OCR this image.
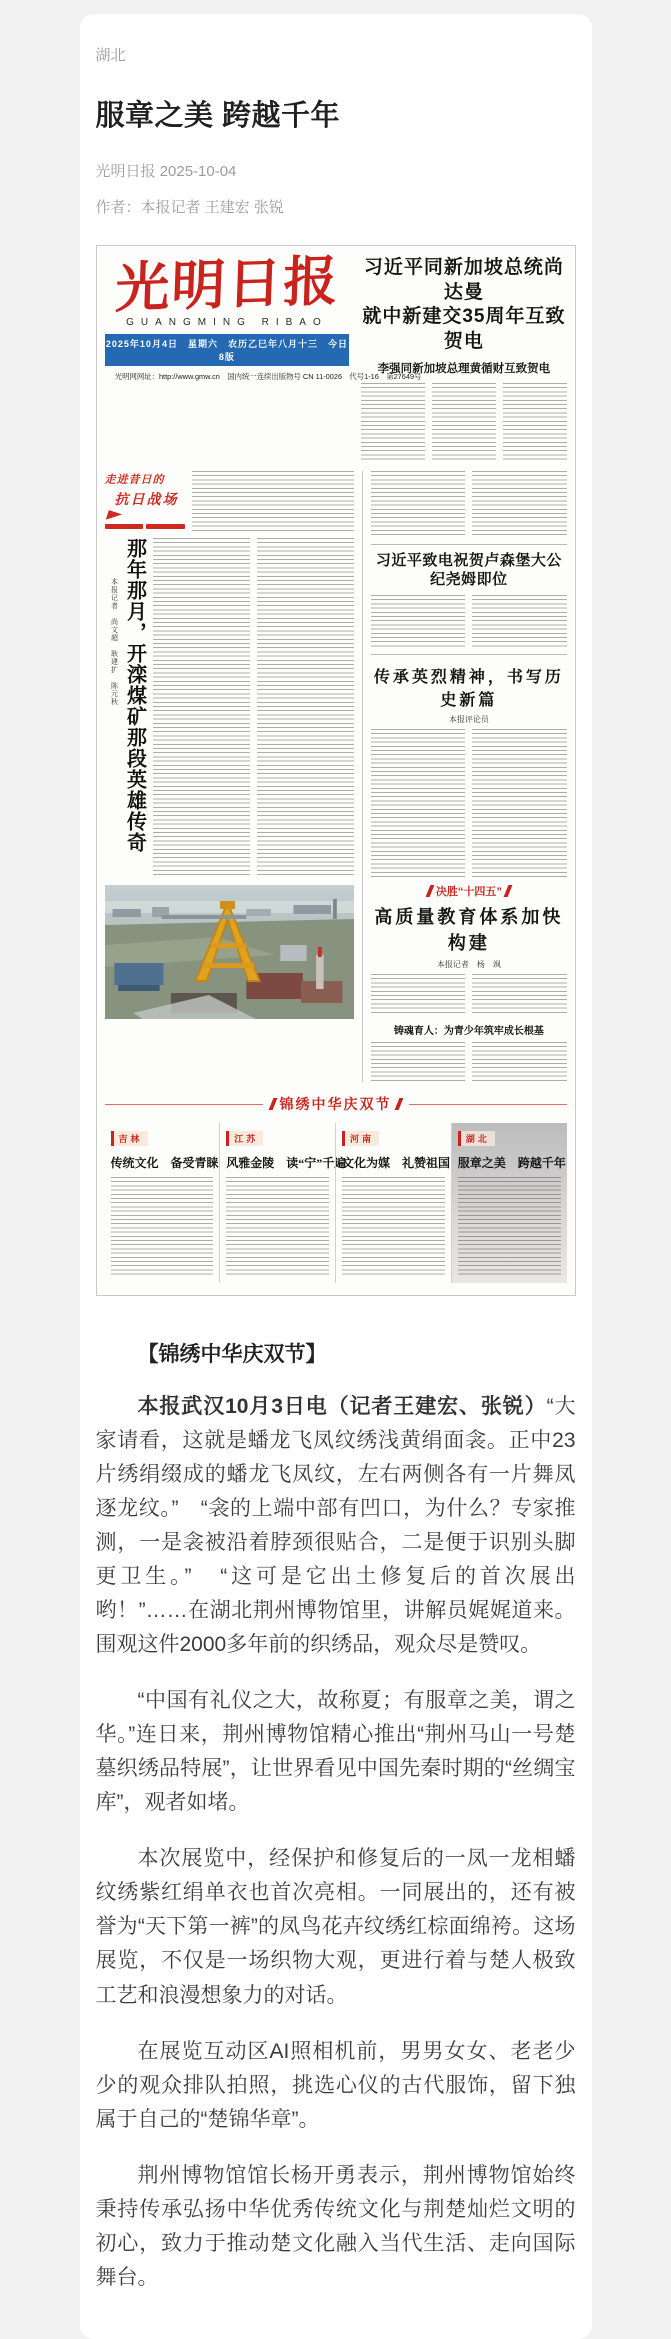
湖北
服章之美 跨越千年
光明日报 2025-10-04
作者：本报记者 王建宏 张锐
光明日报
GUANGMING RIBAO
2025年10月4日　星期六　农历乙巳年八月十三　今日8版
光明网网址：http://www.gmw.cn　国内统一连续出版物号 CN 11-0026　代号1-16　第27649号
习近平同新加坡总统尚达曼
就中新建交35周年互致贺电
李强同新加坡总理黄循财互致贺电
走进昔日的
抗日战场
那年那月，开滦煤矿那段英雄传奇 本报记者　尚文超　耿建扩　陈元秋
习近平致电祝贺卢森堡大公纪尧姆即位
传承英烈精神，书写历史新篇
本报评论员
决胜“十四五”
高质量教育体系加快构建
本报记者　杨　飒
铸魂育人：为青少年筑牢成长根基
锦绣中华庆双节
吉林
传统文化　备受青睐
江苏
风雅金陵　读“宁”千遍
河南
文化为媒　礼赞祖国
湖北
服章之美　跨越千年
【锦绣中华庆双节】

本报武汉10月3日电（记者王建宏、张锐）“大家请看，这就是蟠龙飞凤纹绣浅黄绢面衾。正中23片绣绢缀成的蟠龙飞凤纹，左右两侧各有一片舞凤逐龙纹。”　“衾的上端中部有凹口，为什么？专家推测，一是衾被沿着脖颈很贴合，二是便于识别头脚更卫生。”　“这可是它出土修复后的首次展出哟！”……在湖北荆州博物馆里，讲解员娓娓道来。围观这件2000多年前的织绣品，观众尽是赞叹。

“中国有礼仪之大，故称夏；有服章之美，谓之华。”连日来，荆州博物馆精心推出“荆州马山一号楚墓织绣品特展”，让世界看见中国先秦时期的“丝绸宝库”，观者如堵。

本次展览中，经保护和修复后的一凤一龙相蟠纹绣紫红绢单衣也首次亮相。一同展出的，还有被誉为“天下第一裤”的凤鸟花卉纹绣红棕面绵袴。这场展览，不仅是一场织物大观，更进行着与楚人极致工艺和浪漫想象力的对话。

在展览互动区AI照相机前，男男女女、老老少少的观众排队拍照，挑选心仪的古代服饰，留下独属于自己的“楚锦华章”。

荆州博物馆馆长杨开勇表示，荆州博物馆始终秉持传承弘扬中华优秀传统文化与荆楚灿烂文明的初心，致力于推动楚文化融入当代生活、走向国际舞台。
